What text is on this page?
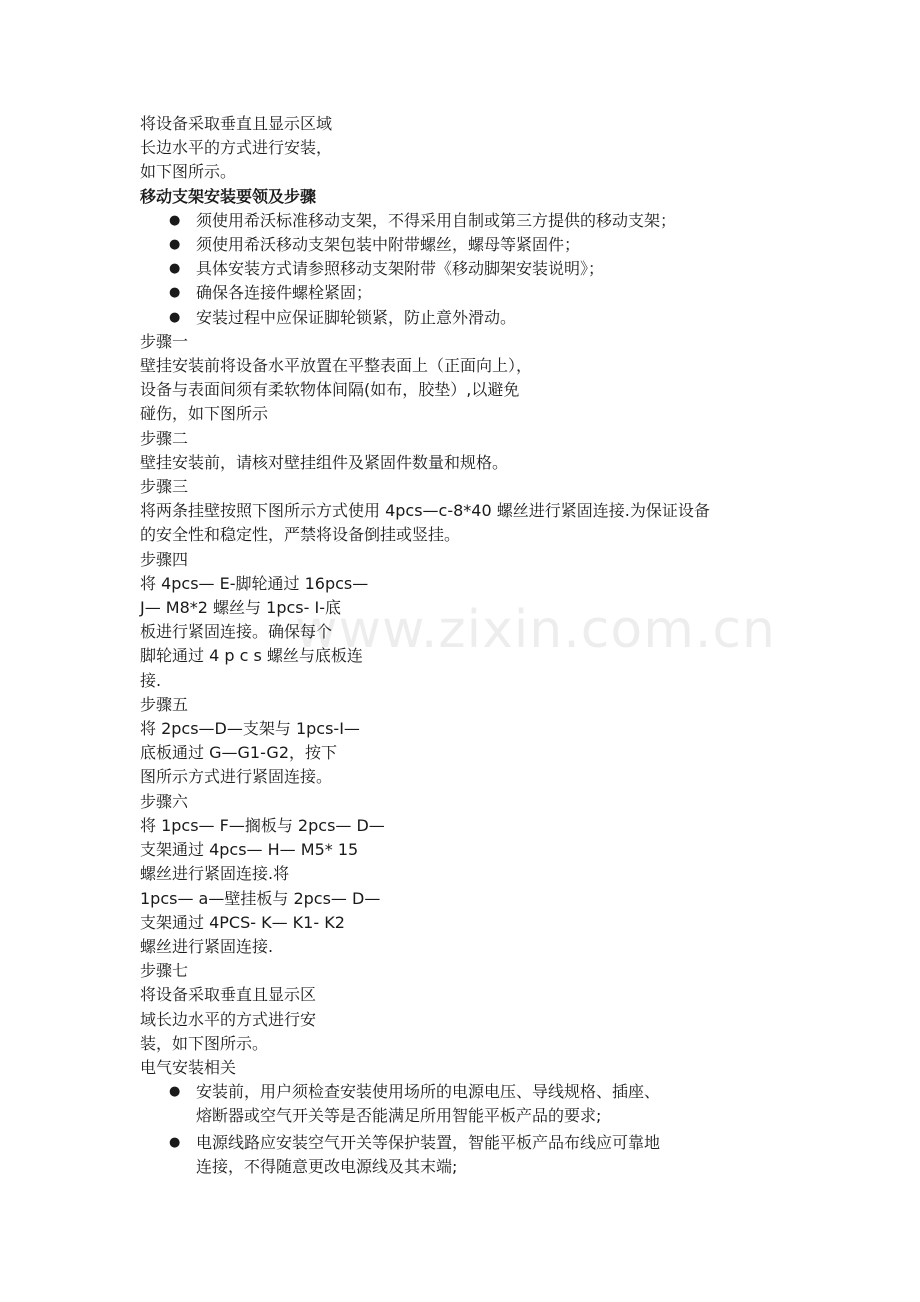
www.zixin.com.cn

将设备采取垂直且显示区域

长边水平的方式进行安装，

如下图所示。

移动支架安装要领及步骤

● 须使用希沃标准移动支架，不得采用自制或第三方提供的移动支架；
● 须使用希沃移动支架包装中附带螺丝，螺母等紧固件；
● 具体安装方式请参照移动支架附带《移动脚架安装说明》；
● 确保各连接件螺栓紧固；
● 安装过程中应保证脚轮锁紧，防止意外滑动。

步骤一

壁挂安装前将设备水平放置在平整表面上（正面向上），

设备与表面间须有柔软物体间隔(如布，胶垫）,以避免

碰伤，如下图所示

步骤二

壁挂安装前，请核对壁挂组件及紧固件数量和规格。

步骤三

将两条挂壁按照下图所示方式使用 4pcs—c-8*40 螺丝进行紧固连接.为保证设备

的安全性和稳定性，严禁将设备倒挂或竖挂。

步骤四

将 4pcs— E-脚轮通过 16pcs—

J— M8*2 螺丝与 1pcs- I-底

板进行紧固连接。确保每个

脚轮通过 4 p c s 螺丝与底板连

接.

步骤五

将 2pcs—D—支架与 1pcs-I—

底板通过 G—G1-G2，按下

图所示方式进行紧固连接。

步骤六

将 1pcs— F—搁板与 2pcs— D—

支架通过 4pcs— H— M5* 15

螺丝进行紧固连接.将

1pcs— a—壁挂板与 2pcs— D—

支架通过 4PCS- K— K1- K2

螺丝进行紧固连接.

步骤七

将设备采取垂直且显示区

域长边水平的方式进行安

装，如下图所示。

电气安装相关

● 安装前，用户须检查安装使用场所的电源电压、导线规格、插座、
熔断器或空气开关等是否能满足所用智能平板产品的要求;
● 电源线路应安装空气开关等保护装置，智能平板产品布线应可靠地
连接，不得随意更改电源线及其末端;
